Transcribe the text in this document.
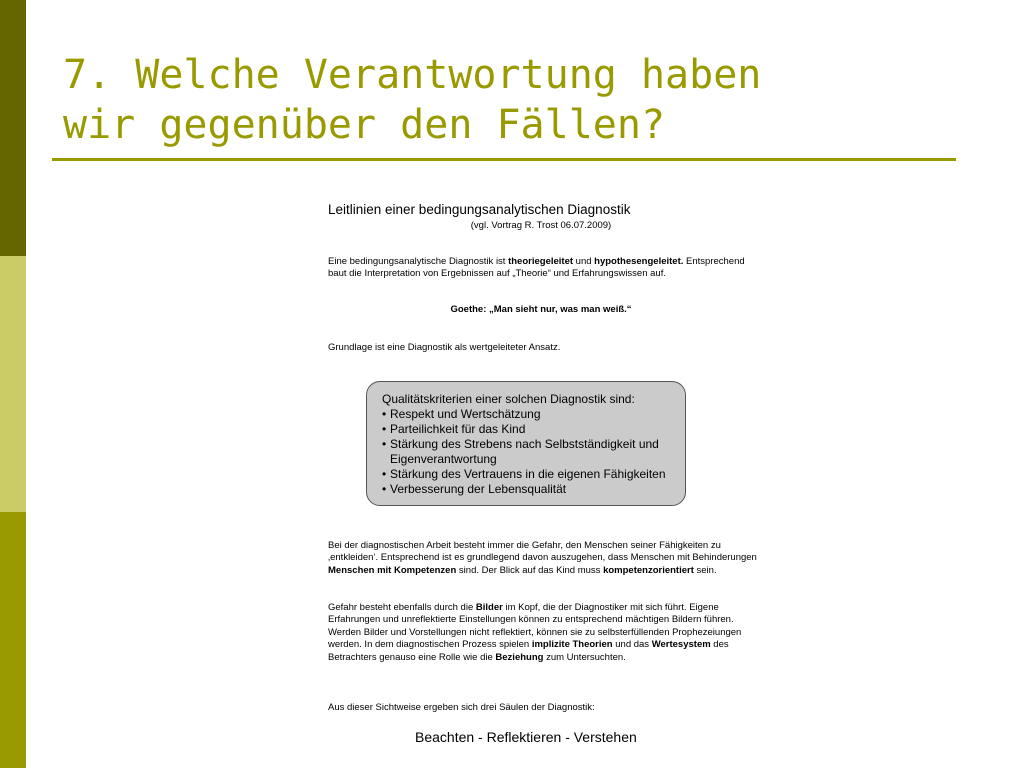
7. Welche Verantwortung haben
wir gegenüber den Fällen?
Leitlinien einer bedingungsanalytischen Diagnostik
(vgl. Vortrag R. Trost 06.07.2009)
Eine bedingungsanalytische Diagnostik ist theoriegeleitet und hypothesengeleitet. Entsprechend baut die Interpretation von Ergebnissen auf „Theorie“ und Erfahrungswissen auf.
Goethe: „Man sieht nur, was man weiß.“
Grundlage ist eine Diagnostik als wertgeleiteter Ansatz.
Bei der diagnostischen Arbeit besteht immer die Gefahr, den Menschen seiner Fähigkeiten zu ‚entkleiden‘. Entsprechend ist es grundlegend davon auszugehen, dass Menschen mit Behinderungen Menschen mit Kompetenzen sind. Der Blick auf das Kind muss kompetenzorientiert sein.
Gefahr besteht ebenfalls durch die Bilder im Kopf, die der Diagnostiker mit sich führt. Eigene Erfahrungen und unreflektierte Einstellungen können zu entsprechend mächtigen Bildern führen. Werden Bilder und Vorstellungen nicht reflektiert, können sie zu selbsterfüllenden Prophezeiungen werden. In dem diagnostischen Prozess spielen implizite Theorien und das Wertesystem des Betrachters genauso eine Rolle wie die Beziehung zum Untersuchten.
Aus dieser Sichtweise ergeben sich drei Säulen der Diagnostik:
Qualitätskriterien einer solchen Diagnostik sind:
• Respekt und Wertschätzung
• Parteilichkeit für das Kind
• Stärkung des Strebens nach Selbstständigkeit und
Eigenverantwortung
• Stärkung des Vertrauens in die eigenen Fähigkeiten
• Verbesserung der Lebensqualität
Beachten - Reflektieren - Verstehen
